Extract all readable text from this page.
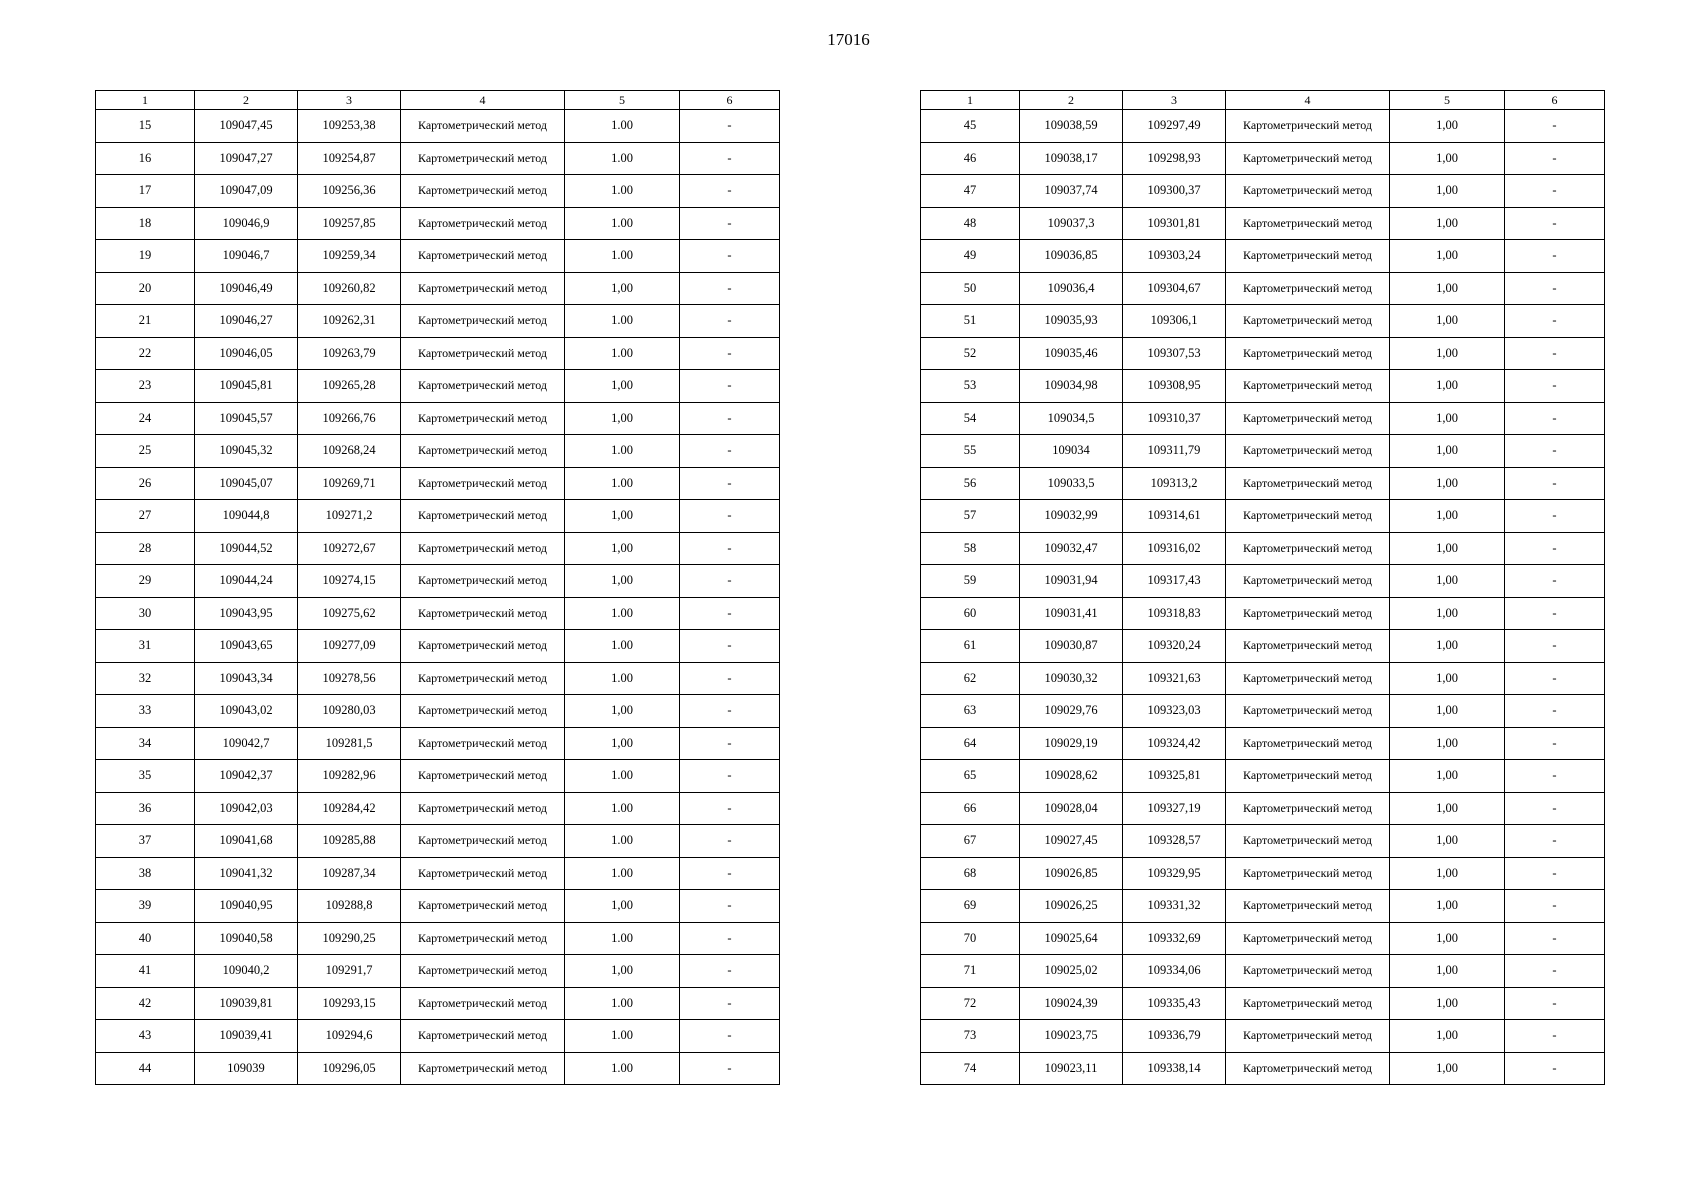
17016
1	2	3	4	5	6
15	109047,45	109253,38	Картометрический метод	1.00	-
16	109047,27	109254,87	Картометрический метод	1.00	-
17	109047,09	109256,36	Картометрический метод	1.00	-
18	109046,9	109257,85	Картометрический метод	1.00	-
19	109046,7	109259,34	Картометрический метод	1.00	-
20	109046,49	109260,82	Картометрический метод	1,00	-
21	109046,27	109262,31	Картометрический метод	1.00	-
22	109046,05	109263,79	Картометрический метод	1.00	-
23	109045,81	109265,28	Картометрический метод	1,00	-
24	109045,57	109266,76	Картометрический метод	1,00	-
25	109045,32	109268,24	Картометрический метод	1.00	-
26	109045,07	109269,71	Картометрический метод	1.00	-
27	109044,8	109271,2	Картометрический метод	1,00	-
28	109044,52	109272,67	Картометрический метод	1,00	-
29	109044,24	109274,15	Картометрический метод	1,00	-
30	109043,95	109275,62	Картометрический метод	1.00	-
31	109043,65	109277,09	Картометрический метод	1.00	-
32	109043,34	109278,56	Картометрический метод	1.00	-
33	109043,02	109280,03	Картометрический метод	1,00	-
34	109042,7	109281,5	Картометрический метод	1,00	-
35	109042,37	109282,96	Картометрический метод	1.00	-
36	109042,03	109284,42	Картометрический метод	1.00	-
37	109041,68	109285,88	Картометрический метод	1.00	-
38	109041,32	109287,34	Картометрический метод	1.00	-
39	109040,95	109288,8	Картометрический метод	1,00	-
40	109040,58	109290,25	Картометрический метод	1.00	-
41	109040,2	109291,7	Картометрический метод	1,00	-
42	109039,81	109293,15	Картометрический метод	1.00	-
43	109039,41	109294,6	Картометрический метод	1.00	-
44	109039	109296,05	Картометрический метод	1.00	-
1	2	3	4	5	6
45	109038,59	109297,49	Картометрический метод	1,00	-
46	109038,17	109298,93	Картометрический метод	1,00	-
47	109037,74	109300,37	Картометрический метод	1,00	-
48	109037,3	109301,81	Картометрический метод	1,00	-
49	109036,85	109303,24	Картометрический метод	1,00	-
50	109036,4	109304,67	Картометрический метод	1,00	-
51	109035,93	109306,1	Картометрический метод	1,00	-
52	109035,46	109307,53	Картометрический метод	1,00	-
53	109034,98	109308,95	Картометрический метод	1,00	-
54	109034,5	109310,37	Картометрический метод	1,00	-
55	109034	109311,79	Картометрический метод	1,00	-
56	109033,5	109313,2	Картометрический метод	1,00	-
57	109032,99	109314,61	Картометрический метод	1,00	-
58	109032,47	109316,02	Картометрический метод	1,00	-
59	109031,94	109317,43	Картометрический метод	1,00	-
60	109031,41	109318,83	Картометрический метод	1,00	-
61	109030,87	109320,24	Картометрический метод	1,00	-
62	109030,32	109321,63	Картометрический метод	1,00	-
63	109029,76	109323,03	Картометрический метод	1,00	-
64	109029,19	109324,42	Картометрический метод	1,00	-
65	109028,62	109325,81	Картометрический метод	1,00	-
66	109028,04	109327,19	Картометрический метод	1,00	-
67	109027,45	109328,57	Картометрический метод	1,00	-
68	109026,85	109329,95	Картометрический метод	1,00	-
69	109026,25	109331,32	Картометрический метод	1,00	-
70	109025,64	109332,69	Картометрический метод	1,00	-
71	109025,02	109334,06	Картометрический метод	1,00	-
72	109024,39	109335,43	Картометрический метод	1,00	-
73	109023,75	109336,79	Картометрический метод	1,00	-
74	109023,11	109338,14	Картометрический метод	1,00	-
